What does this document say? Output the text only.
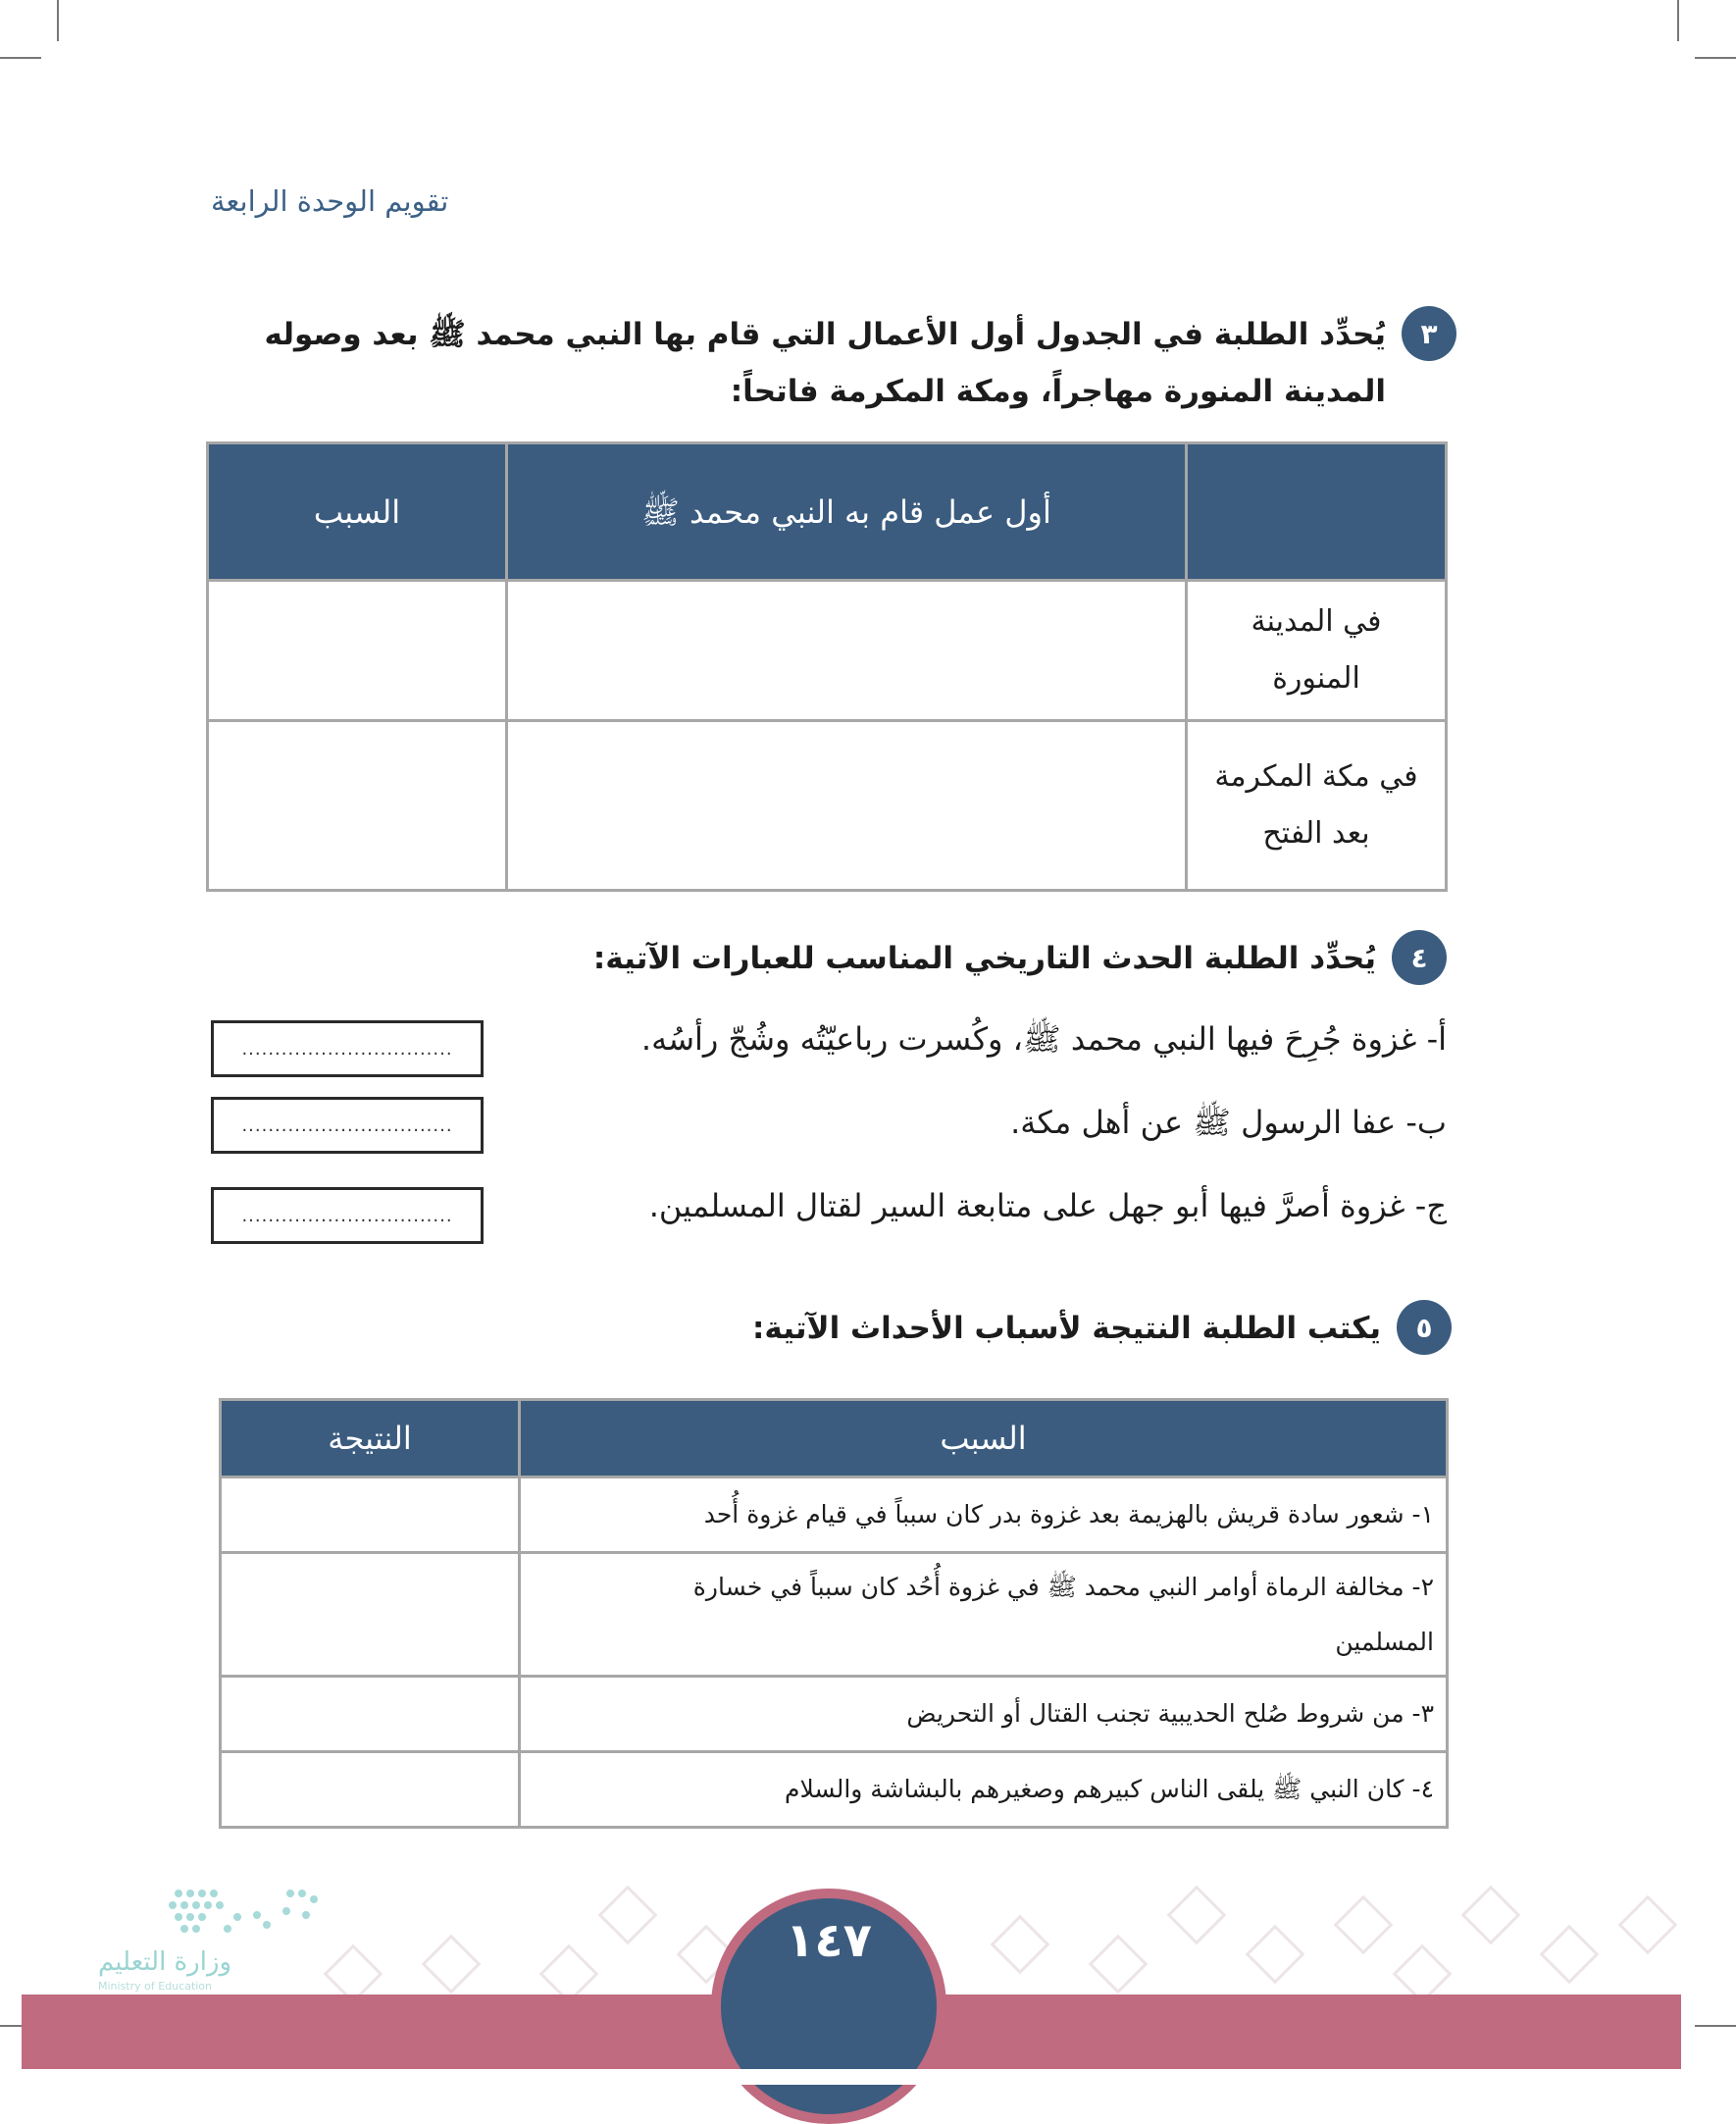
تقويم الوحدة الرابعة
٣
يُحدِّد الطلبة في الجدول أول الأعمال التي قام بها النبي محمد ﷺ بعد وصوله المدينة المنورة مهاجراً، ومكة المكرمة فاتحاً:
	أول عمل قام به النبي محمد ﷺ	السبب
في المدينة المنورة		
في مكة المكرمة بعد الفتح		
٤
يُحدِّد الطلبة الحدث التاريخي المناسب للعبارات الآتية:
أ- غزوة جُرِحَ فيها النبي محمد ﷺ، وكُسرت رباعيّتُه وشُجّ رأسُه.
ب- عفا الرسول ﷺ عن أهل مكة.
ج- غزوة أصرَّ فيها أبو جهل على متابعة السير لقتال المسلمين.
................................
................................
................................
٥
يكتب الطلبة النتيجة لأسباب الأحداث الآتية:
السبب	النتيجة
١- شعور سادة قريش بالهزيمة بعد غزوة بدر كان سبباً في قيام غزوة أُحد	
٢- مخالفة الرماة أوامر النبي محمد ﷺ في غزوة أُحُد كان سبباً في خسارة المسلمين	
٣- من شروط صُلح الحديبية تجنب القتال أو التحريض	
٤- كان النبي ﷺ يلقى الناس كبيرهم وصغيرهم بالبشاشة والسلام	
وزارة التعليم
Ministry of Education
١٤٧
